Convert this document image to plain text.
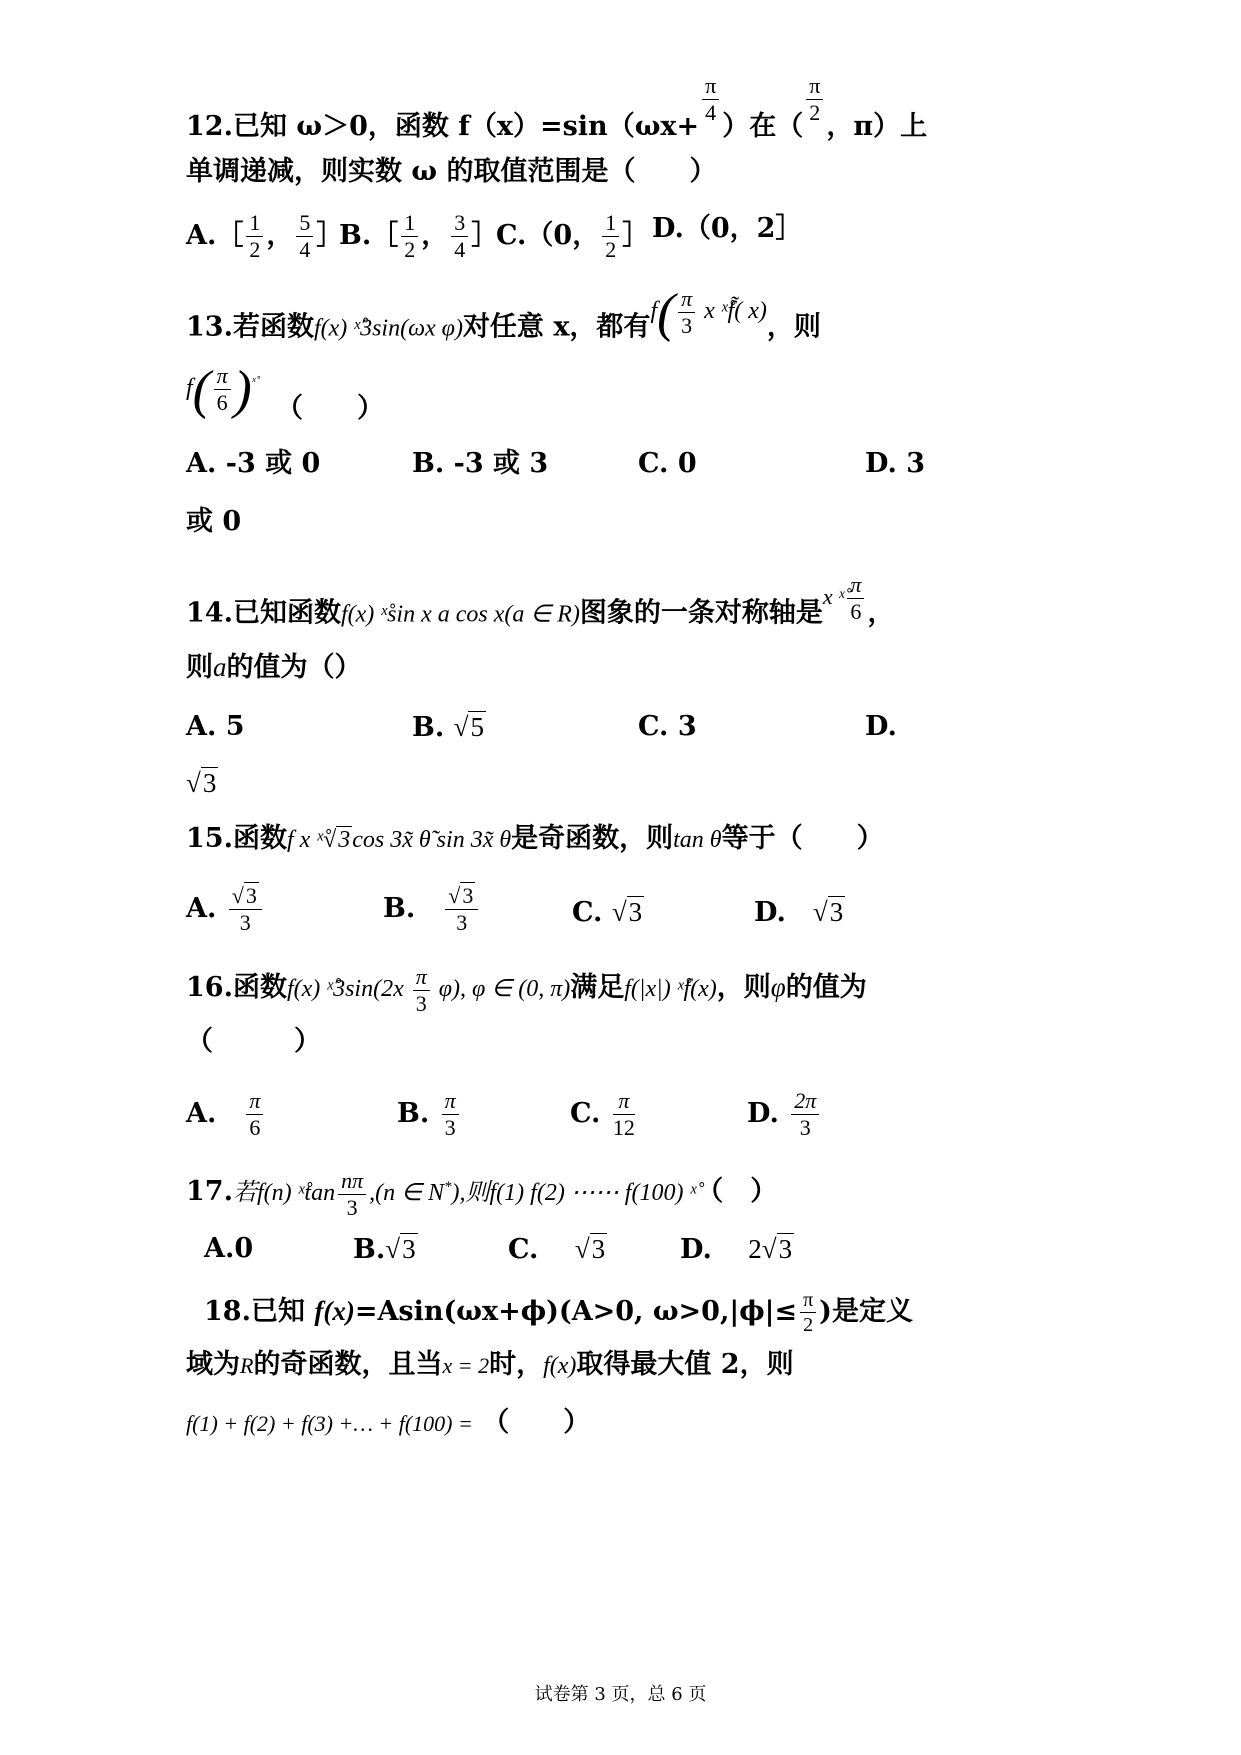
12.已知 ω＞0，函数 f（x）=sin（ωx+
$\frac{\pi}{4}$
）在（
$\frac{\pi}{2}$
，π）上
单调递减，则实数 ω 的取值范围是（　　）
A.［ $\frac{1}{2}$ ， $\frac{5}{4}$ ］
B.［ $\frac{1}{2}$ ， $\frac{3}{4}$ ］
C.（0， $\frac{1}{2}$ ］ D.（0，2］
13.若函数f(x) ˣ̊3sin(ωx φ)对任意 x，都有$f( \frac{\pi}{3}$ x ˣ̊f̃( x)，则
$f( \frac{\pi}{6} )^{ˣ̊}$
（　　）
A. -3 或 0	B. -3 或 3	C. 0	D. 3
或 0
14.已知函数f(x) ˣ̊sin x a cos x(a ∈ R)图象的一条对称轴是$^{x ˣ̊ \frac{\pi}{6}}$ ，
则a的值为（）
A. 5	B. √5	C. 3	D.
√3
15.函数f x ˣ̊√3cos 3x̃ θ̃ sin 3x̃ θ是奇函数，则tan θ等于（　　）
A. $\frac{√3}{3}$	B.　 $\frac{√3}{3}$	C. √3	D.　 √3
16.函数f(x) ˣ̊3sin(2x $\frac{\pi}{3} \varphi$), φ ∈ (0, π)满足f(|x|) ˣ̊f(x)，则φ的值为
（　　　）
A.　 $\frac{\pi}{6}$	B. $\frac{\pi}{3}$	C. $\frac{\pi}{12}$	D. $\frac{2\pi}{3}$
17.若f(n) ˣ̊tan $\frac{n\pi}{3} ,(n$ ∈ N*),则f(1) f(2) ⋯⋯ f(100) ˣ̊（　）
A.0	B.√3	C.　 √3	D.　 2√3
18.已知 f(x)=Asin(ωx+ϕ)(A>0, $\omega>0,|\phi|\le \frac{\pi}{2}$ )是定义
域为R的奇函数，且当x = 2时，f(x)取得最大值 2，则
f(1) + f(2) + f(3) +… + f(100) = （　　）
试卷第 3 页，总 6 页
